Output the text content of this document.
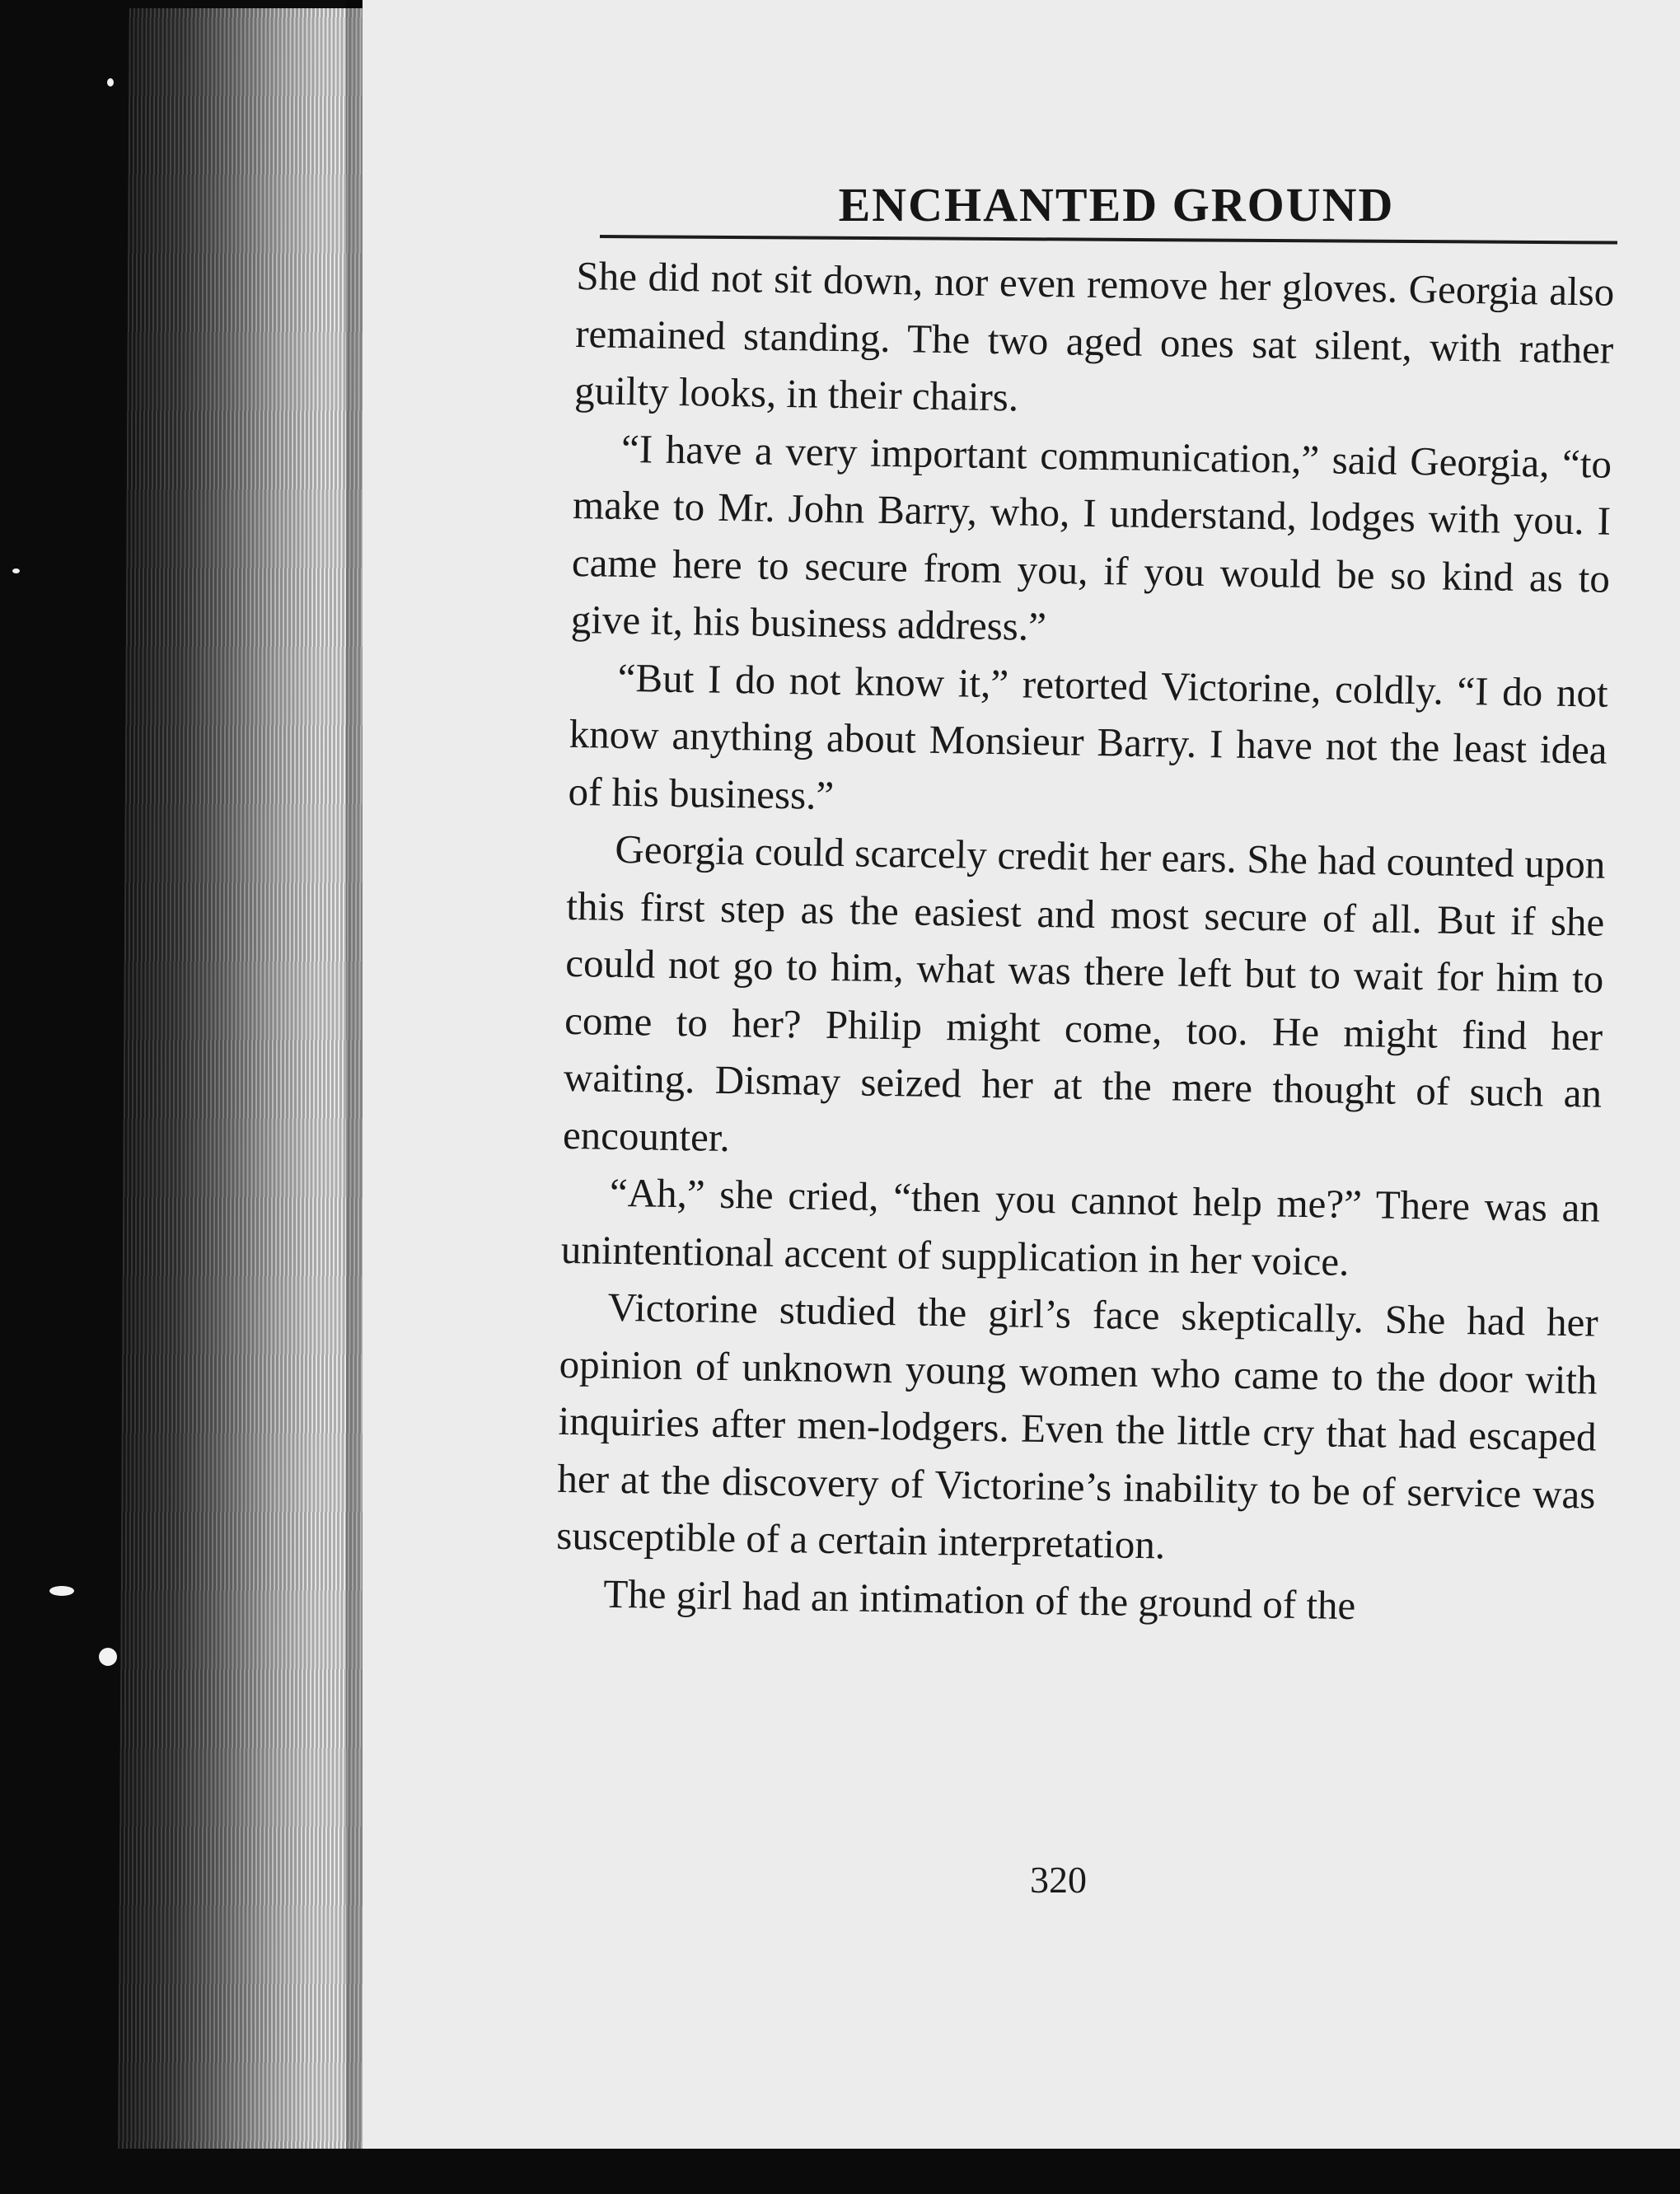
ENCHANTED GROUND

She did not sit down, nor even remove her gloves. Georgia also remained standing. The two aged ones sat silent, with rather guilty looks, in their chairs.

“I have a very important communication,” said Georgia, “to make to Mr. John Barry, who, I understand, lodges with you. I came here to secure from you, if you would be so kind as to give it, his business address.”

“But I do not know it,” retorted Victorine, coldly. “I do not know anything about Monsieur Barry. I have not the least idea of his business.”

Georgia could scarcely credit her ears. She had counted upon this first step as the easiest and most secure of all. But if she could not go to him, what was there left but to wait for him to come to her? Philip might come, too. He might find her waiting. Dismay seized her at the mere thought of such an encounter.

“Ah,” she cried, “then you cannot help me?” There was an unintentional accent of supplication in her voice.

Victorine studied the girl’s face skeptically. She had her opinion of unknown young women who came to the door with inquiries after men-lodgers. Even the little cry that had escaped her at the discovery of Victorine’s inability to be of service was susceptible of a certain interpretation.

The girl had an intimation of the ground of the

320
